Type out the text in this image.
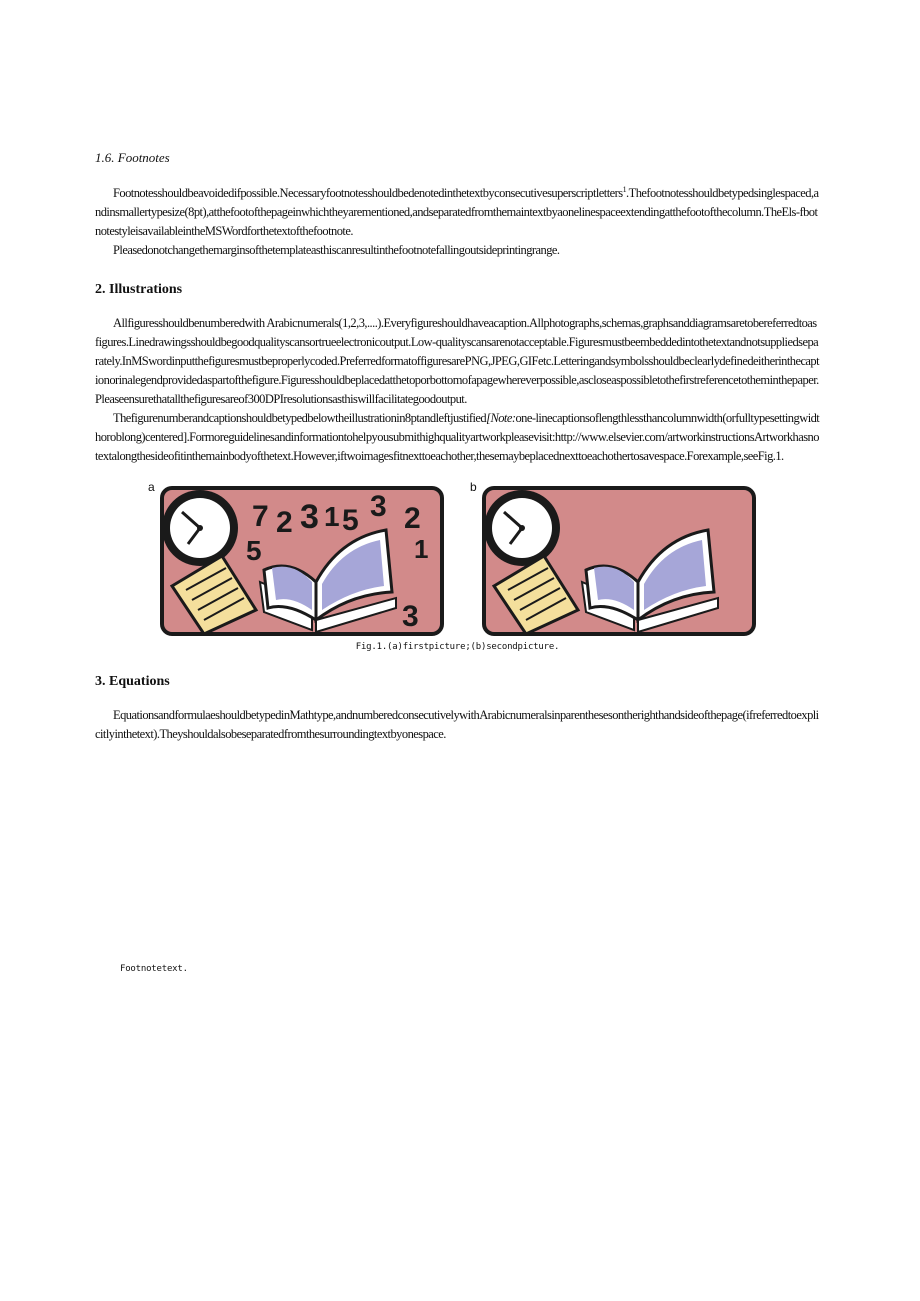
1.6. Footnotes

Footnotesshouldbeavoidedifpossible.Necessaryfootnotesshouldbedenotedinthetextbyconsecutivesuperscriptletters$^1$.Thefootnotesshouldbetypedsinglespaced,andinsmallertypesize(8pt),atthefootofthepageinwhichtheyarementioned,andseparatedfromthemaintextbyaonelinespaceextendingatthefootofthecolumn.TheEls-fbotnotestyleisavailableintheMSWordforthetextofthefootnote.

Pleasedonotchangethemarginsofthetemplateasthiscanresultinthefootnotefallingoutsideprintingrange.

2. Illustrations

Allfiguresshouldbenumberedwith Arabicnumerals(1,2,3,....).Everyfigureshouldhaveacaption.Allphotographs,schemas,graphsanddiagramsaretobereferredtoasfigures.Linedrawingsshouldbegoodqualityscansortrueelectronicoutput.Low-qualityscansarenotacceptable.Figuresmustbeembeddedintothetextandnotsuppliedseparately.InMSwordinputthefiguresmustbeproperlycoded.PreferredformatoffiguresarePNG,JPEG,GIFetc.Letteringandsymbolsshouldbeclearlydefinedeitherinthecaptionorinalegendprovidedaspartofthefigure.Figuresshouldbeplacedatthetoporbottomofapagewhereverpossible,ascloseaspossibletothefirstreferencetotheminthepaper.Pleaseensurethatallthefiguresareof300DPIresolutionsasthiswillfacilitategoodoutput.

Thefigurenumberandcaptionshouldbetypedbelowtheillustrationin8ptandleftjustified[Note:one-linecaptionsoflengthlessthancolumnwidth(orfulltypesettingwidthoroblong)centered].Formoreguidelinesandinformationtohelpyousubmithighqualityartworkpleasevisit:http://www.elsevier.com/artworkinstructionsArtworkhasnotextalongthesideofitinthemainbodyofthetext.However,iftwoimagesfitnexttoeachother,thesemaybeplacednexttoeachothertosavespace.Forexample,seeFig.1.

a
7 2 3 1 5 3 2
5	1
3
b
Fig.1.(a)firstpicture;(b)secondpicture.
3. Equations

EquationsandformulaeshouldbetypedinMathtype,andnumberedconsecutivelywithArabicnumeralsinparenthesesontherighthandsideofthepage(ifreferredtoexplicitlyinthetext).Theyshouldalsobeseparatedfromthesurroundingtextbyonespace.

Footnotetext.
